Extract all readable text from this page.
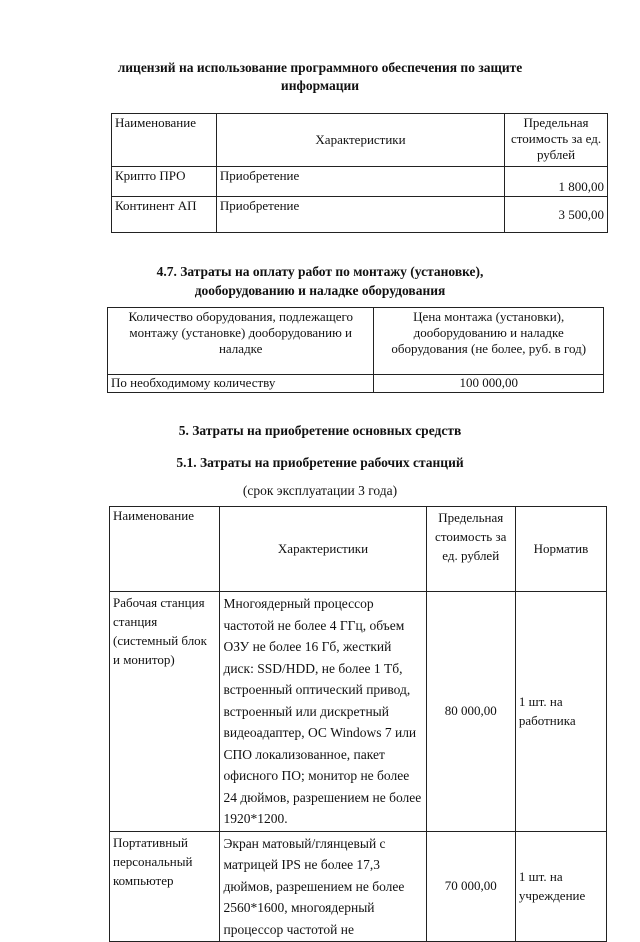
лицензий на использование программного обеспечения по защите
информации
Наименование	Характеристики	Предельная стоимость за ед. рублей
Крипто ПРО	Приобретение	1 800,00
Континент АП	Приобретение	3 500,00
4.7. Затраты на оплату работ по монтажу (установке),
дооборудованию и наладке оборудования
Количество оборудования, подлежащего монтажу (установке) дооборудованию и наладке	Цена монтажа (установки), дооборудованию и наладке оборудования (не более, руб. в год)
По необходимому количеству	100 000,00
5. Затраты на приобретение основных средств
5.1. Затраты на приобретение рабочих станций
(срок эксплуатации 3 года)
Наименование	Характеристики	Предельная стоимость за ед. рублей	Норматив
Рабочая станция станция (системный блок и монитор)	Многоядерный процессор частотой не более 4 ГГц, объем ОЗУ не более 16 Гб, жесткий диск: SSD/HDD, не более 1 Тб, встроенный оптический привод, встроенный или дискретный видеоадаптер, ОС Windows 7 или СПО локализованное, пакет офисного ПО; монитор не более 24 дюймов, разрешением не более 1920*1200.	80 000,00	1 шт. на работника
Портативный персональный компьютер	Экран матовый/глянцевый с матрицей IPS не более 17,3 дюймов, разрешением не более 2560*1600, многоядерный процессор частотой не	70 000,00	1 шт. на учреждение
